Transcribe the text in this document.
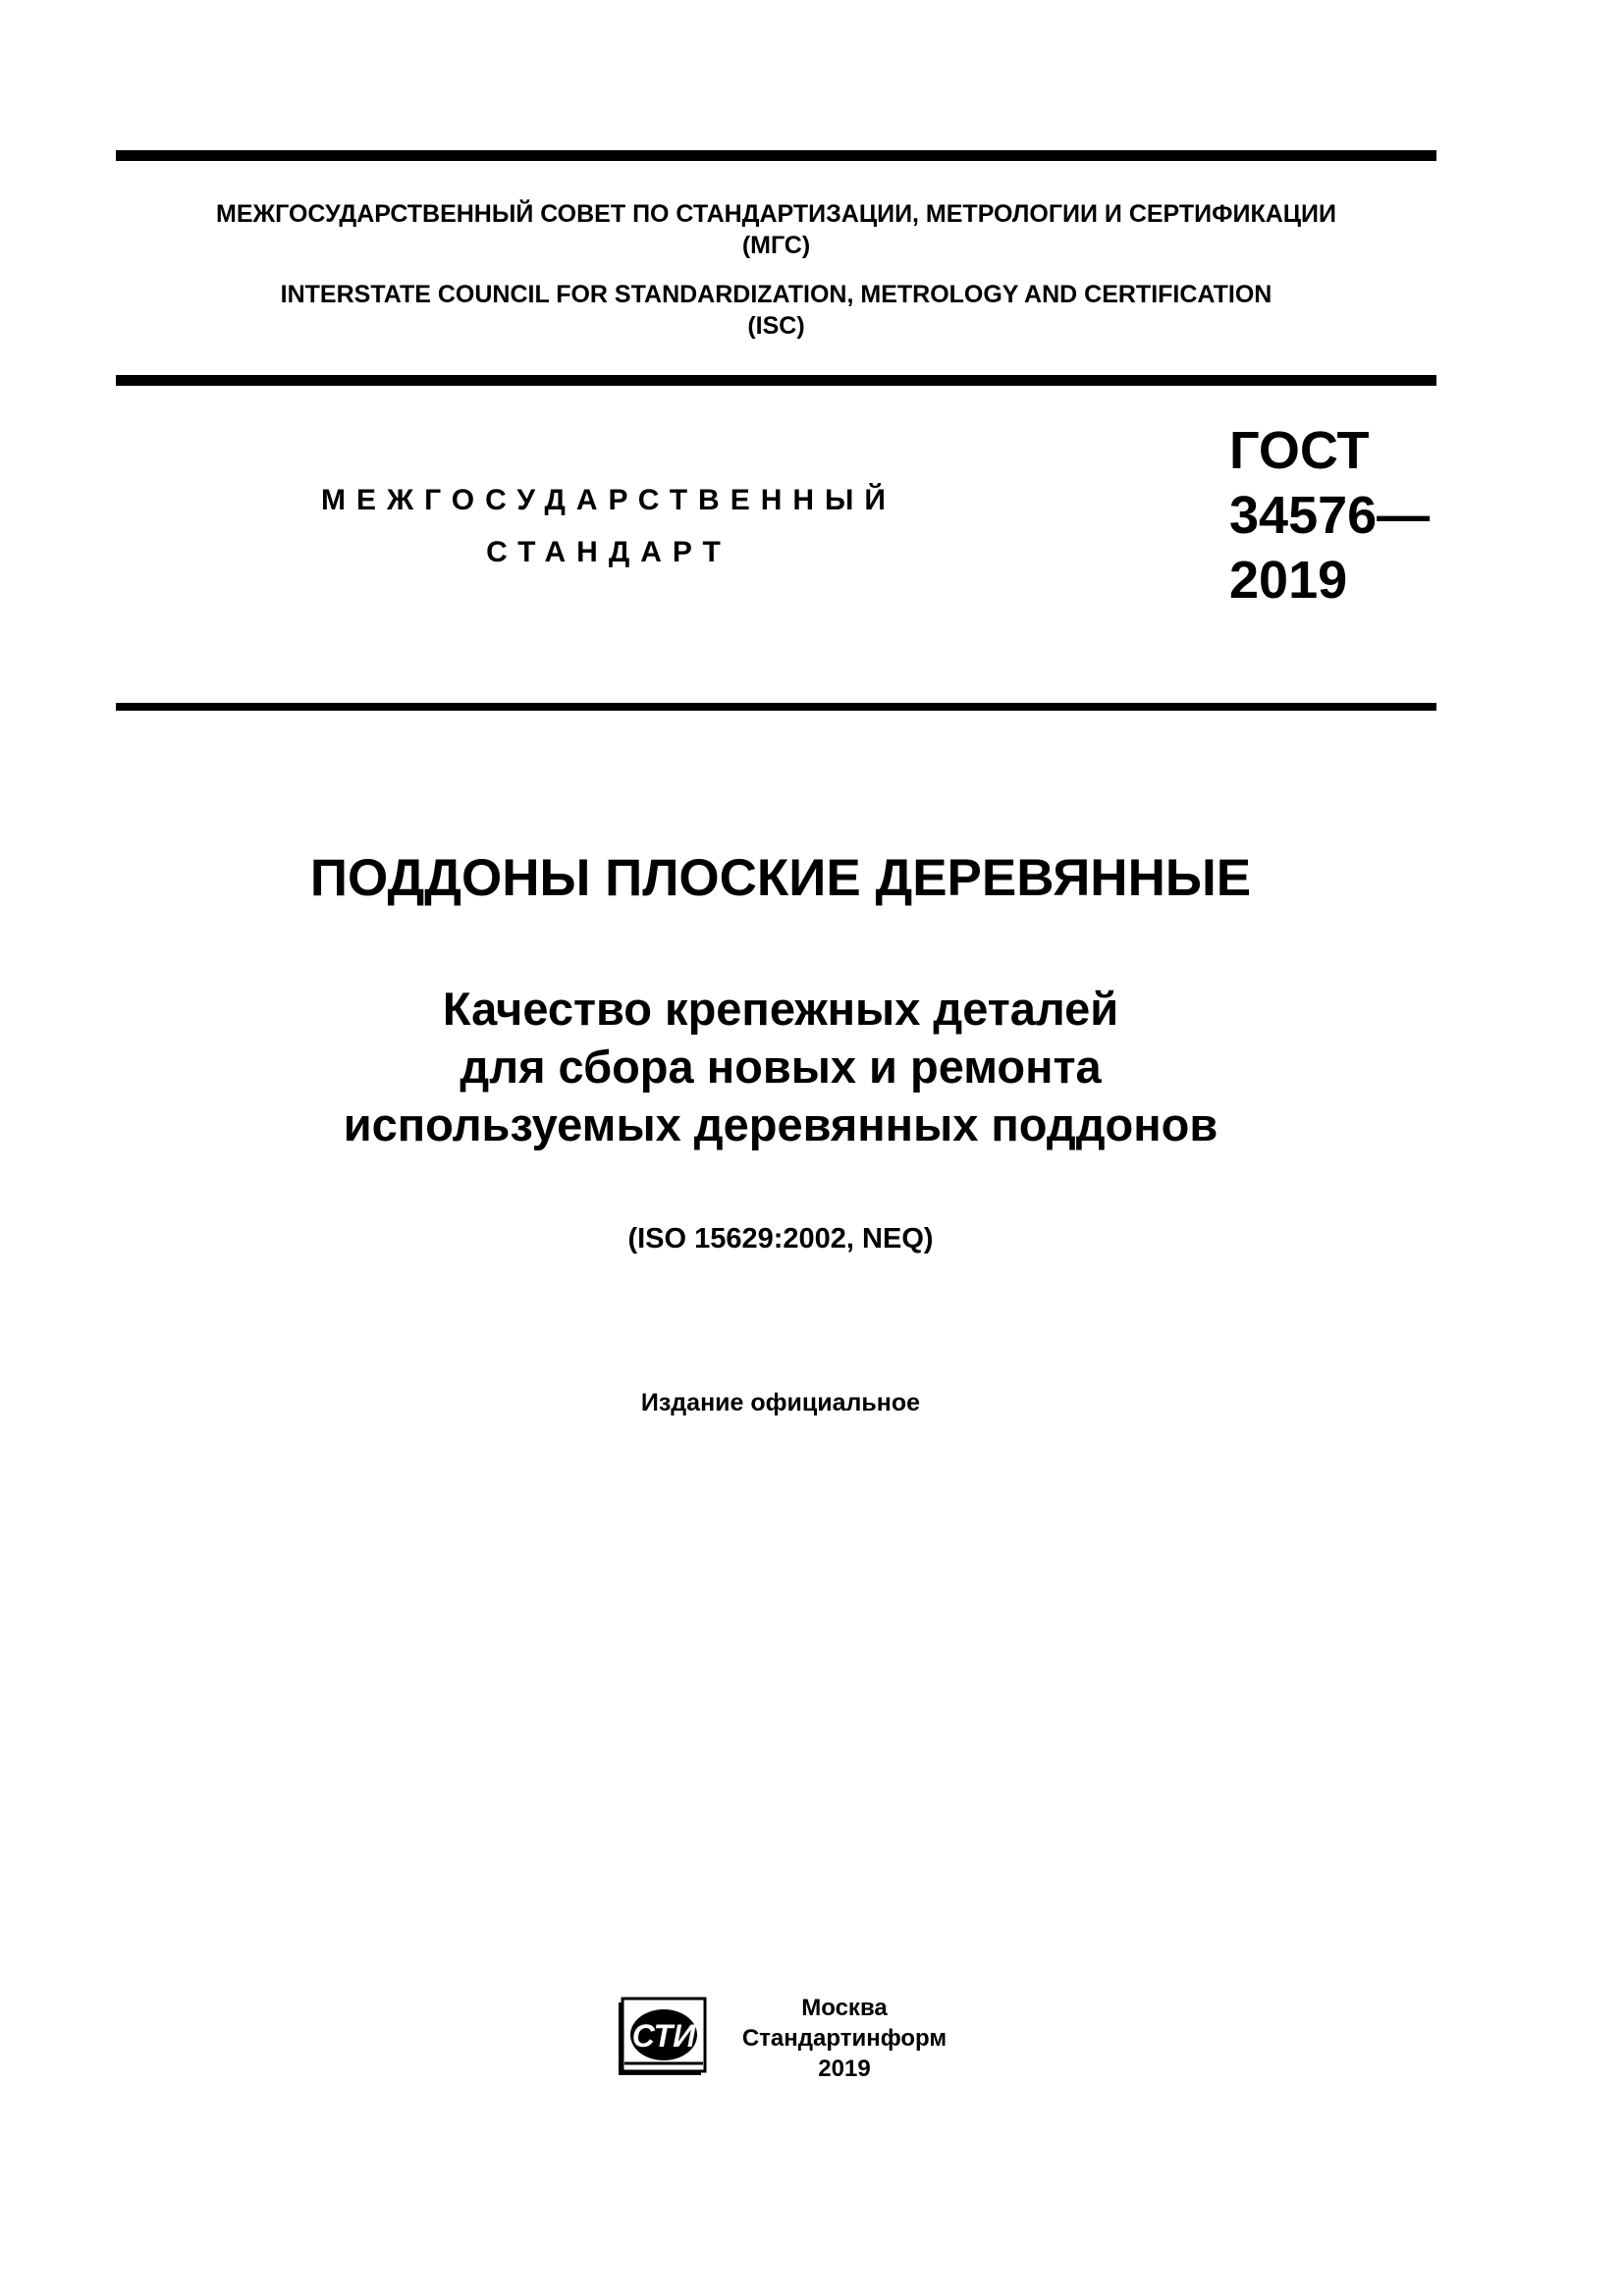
МЕЖГОСУДАРСТВЕННЫЙ СОВЕТ ПО СТАНДАРТИЗАЦИИ, МЕТРОЛОГИИ И СЕРТИФИКАЦИИ
(МГС)
INTERSTATE COUNCIL FOR STANDARDIZATION, METROLOGY AND CERTIFICATION
(ISC)
МЕЖГОСУДАРСТВЕННЫЙ
СТАНДАРТ
ГОСТ
34576—
2019
ПОДДОНЫ ПЛОСКИЕ ДЕРЕВЯННЫЕ
Качество крепежных деталей
для сбора новых и ремонта
используемых деревянных поддонов
(ISO 15629:2002, NEQ)
Издание официальное
СТИ
Москва
Стандартинформ
2019
